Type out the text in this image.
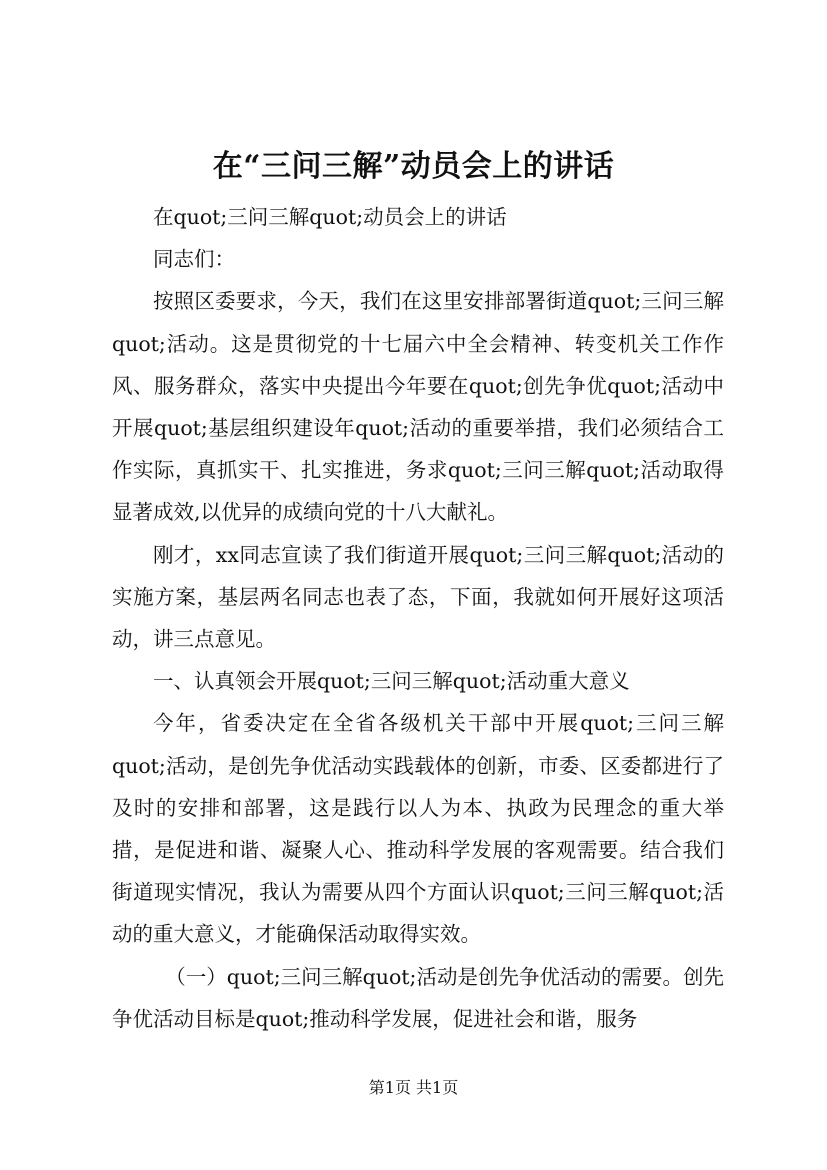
在“三问三解”动员会上的讲话

在quot;三问三解quot;动员会上的讲话

同志们：

按照区委要求，今天，我们在这里安排部署街道quot;三问三解quot;活动。这是贯彻党的十七届六中全会精神、转变机关工作作风、服务群众，落实中央提出今年要在quot;创先争优quot;活动中开展quot;基层组织建设年quot;活动的重要举措，我们必须结合工作实际，真抓实干、扎实推进，务求quot;三问三解quot;活动取得显著成效,以优异的成绩向党的十八大献礼。

刚才，xx同志宣读了我们街道开展quot;三问三解quot;活动的实施方案，基层两名同志也表了态，下面，我就如何开展好这项活动，讲三点意见。

一、认真领会开展quot;三问三解quot;活动重大意义

今年，省委决定在全省各级机关干部中开展quot;三问三解quot;活动，是创先争优活动实践载体的创新，市委、区委都进行了及时的安排和部署，这是践行以人为本、执政为民理念的重大举措，是促进和谐、凝聚人心、推动科学发展的客观需要。结合我们街道现实情况，我认为需要从四个方面认识quot;三问三解quot;活动的重大意义，才能确保活动取得实效。

（一）quot;三问三解quot;活动是创先争优活动的需要。创先争优活动目标是quot;推动科学发展，促进社会和谐，服务

第1页 共1页
